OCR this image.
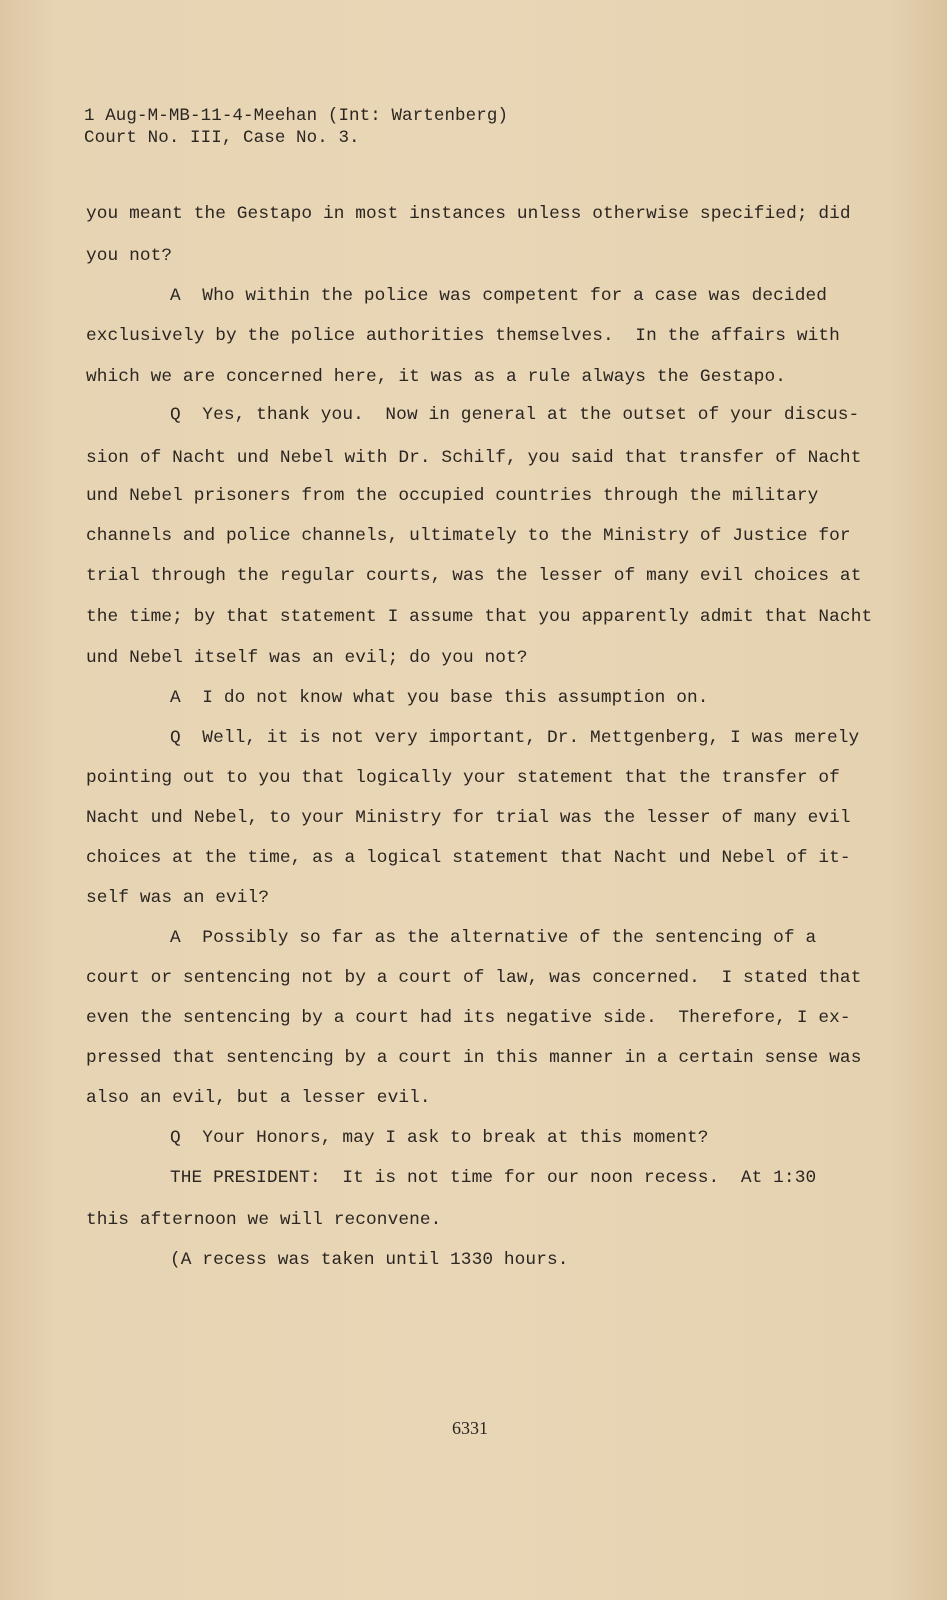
1 Aug-M-MB-11-4-Meehan (Int: Wartenberg)
Court No. III, Case No. 3.
you meant the Gestapo in most instances unless otherwise specified; did
you not?
A  Who within the police was competent for a case was decided
exclusively by the police authorities themselves.  In the affairs with
which we are concerned here, it was as a rule always the Gestapo.
Q  Yes, thank you.  Now in general at the outset of your discus-
sion of Nacht und Nebel with Dr. Schilf, you said that transfer of Nacht
und Nebel prisoners from the occupied countries through the military
channels and police channels, ultimately to the Ministry of Justice for
trial through the regular courts, was the lesser of many evil choices at
the time; by that statement I assume that you apparently admit that Nacht
und Nebel itself was an evil; do you not?
A  I do not know what you base this assumption on.
Q  Well, it is not very important, Dr. Mettgenberg, I was merely
pointing out to you that logically your statement that the transfer of
Nacht und Nebel, to your Ministry for trial was the lesser of many evil
choices at the time, as a logical statement that Nacht und Nebel of it-
self was an evil?
A  Possibly so far as the alternative of the sentencing of a
court or sentencing not by a court of law, was concerned.  I stated that
even the sentencing by a court had its negative side.  Therefore, I ex-
pressed that sentencing by a court in this manner in a certain sense was
also an evil, but a lesser evil.
Q  Your Honors, may I ask to break at this moment?
THE PRESIDENT:  It is not time for our noon recess.  At 1:30
this afternoon we will reconvene.
(A recess was taken until 1330 hours.
6331
